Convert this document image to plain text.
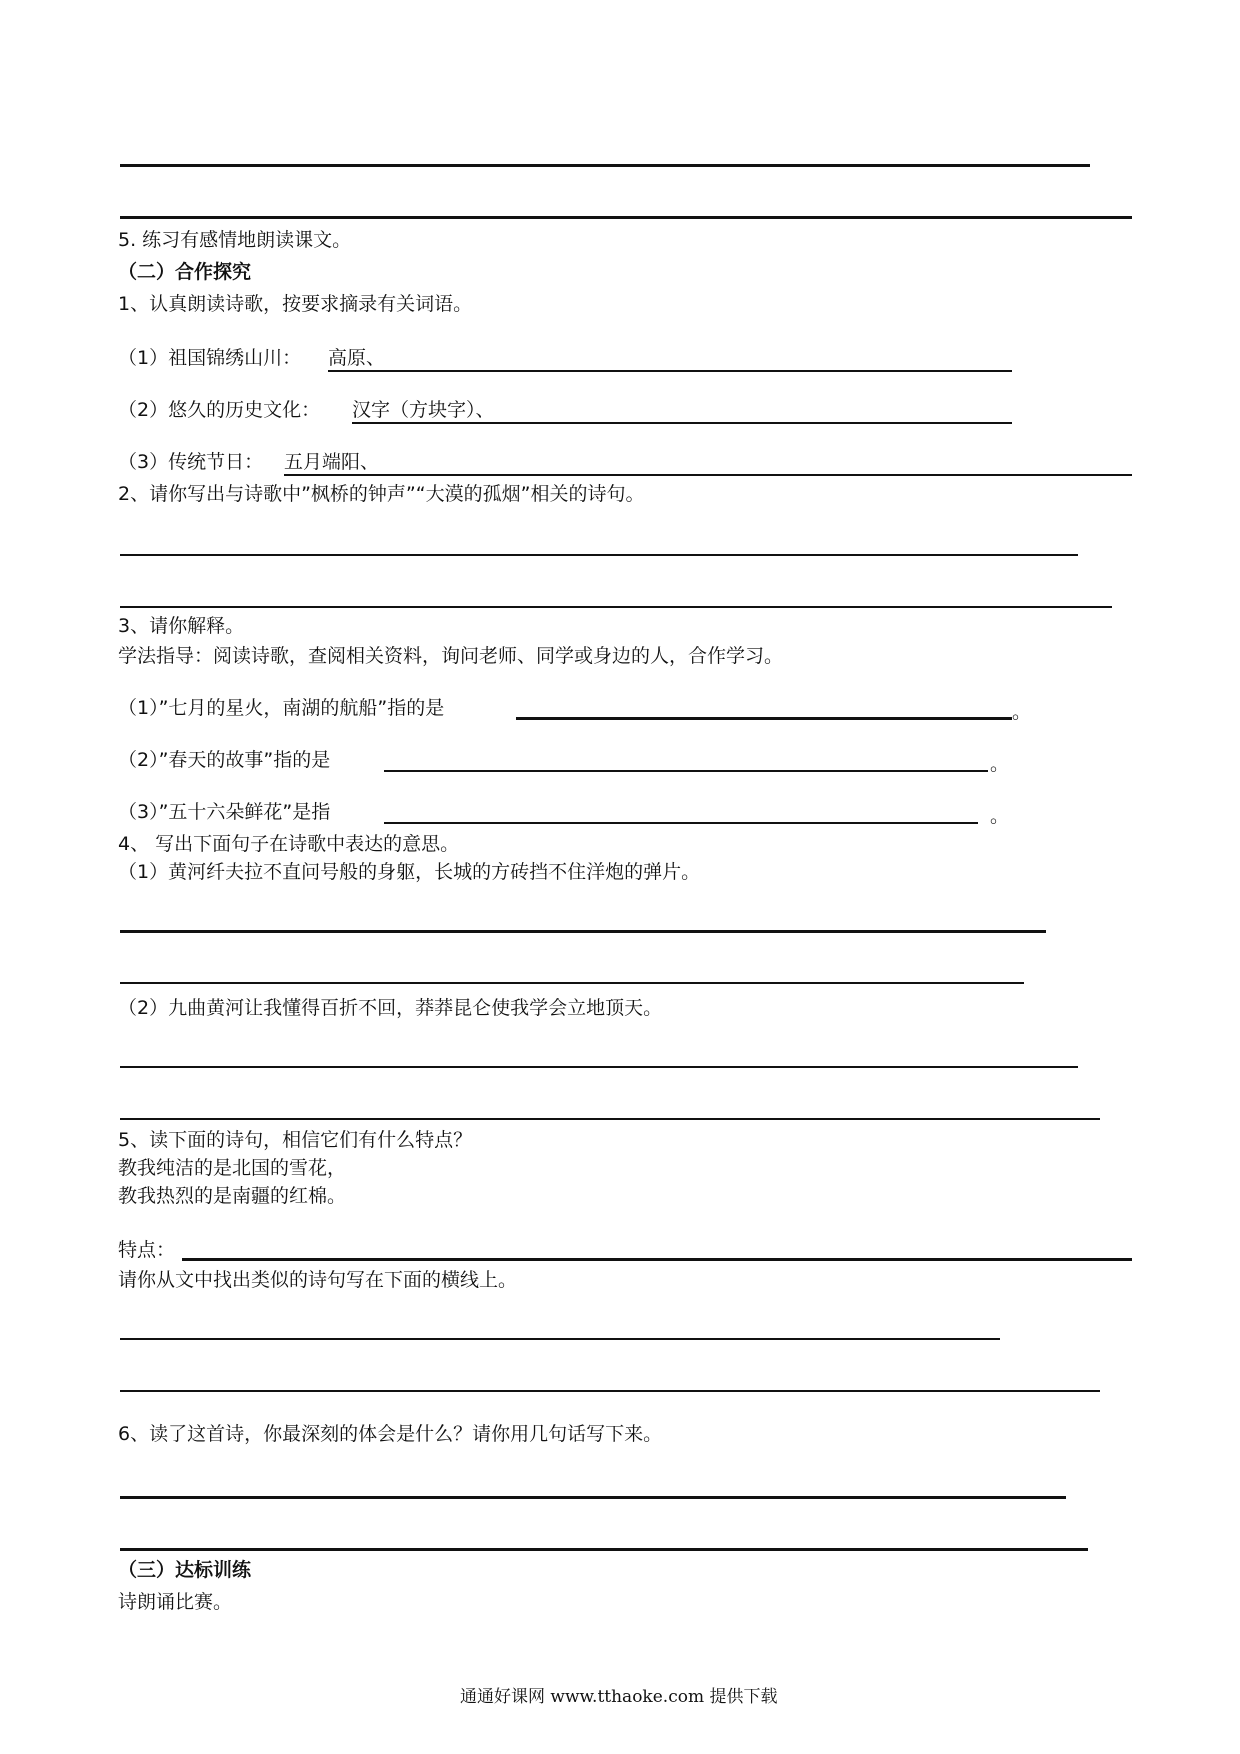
5. 练习有感情地朗读课文。
（二）合作探究
1、认真朗读诗歌，按要求摘录有关词语。
（1）祖国锦绣山川： 高原、
（2）悠久的历史文化： 汉字（方块字）、
（3）传统节日： 五月端阳、
2、请你写出与诗歌中”枫桥的钟声”“大漠的孤烟”相关的诗句。
3、请你解释。
学法指导：阅读诗歌，查阅相关资料，询问老师、同学或身边的人，合作学习。
（1）”七月的星火，南湖的航船”指的是	。
（2）”春天的故事”指的是	。
（3）”五十六朵鲜花”是指	。
4、 写出下面句子在诗歌中表达的意思。
（1）黄河纤夫拉不直问号般的身躯，长城的方砖挡不住洋炮的弹片。
（2）九曲黄河让我懂得百折不回，莽莽昆仑使我学会立地顶天。
5、读下面的诗句，相信它们有什么特点？
教我纯洁的是北国的雪花，
教我热烈的是南疆的红棉。
特点：
请你从文中找出类似的诗句写在下面的横线上。
6、读了这首诗，你最深刻的体会是什么？请你用几句话写下来。
（三）达标训练
诗朗诵比赛。
通通好课网 www.tthaoke.com 提供下载
